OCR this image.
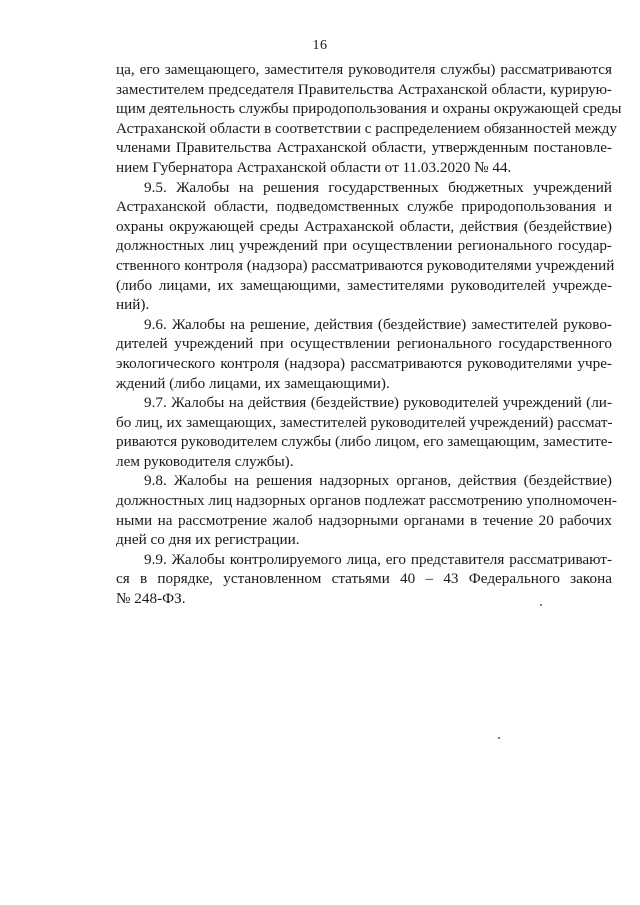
16
ца, его замещающего, заместителя руководителя службы) рассматриваются
заместителем председателя Правительства Астраханской области, курирую-
щим деятельность службы природопользования и охраны окружающей среды
Астраханской области в соответствии с распределением обязанностей между
членами Правительства Астраханской области, утвержденным постановле-
нием Губернатора Астраханской области от 11.03.2020 № 44.
9.5. Жалобы на решения государственных бюджетных учреждений
Астраханской области, подведомственных службе природопользования и
охраны окружающей среды Астраханской области, действия (бездействие)
должностных лиц учреждений при осуществлении регионального государ-
ственного контроля (надзора) рассматриваются руководителями учреждений
(либо лицами, их замещающими, заместителями руководителей учрежде-
ний).
9.6. Жалобы на решение, действия (бездействие) заместителей руково-
дителей учреждений при осуществлении регионального государственного
экологического контроля (надзора) рассматриваются руководителями учре-
ждений (либо лицами, их замещающими).
9.7. Жалобы на действия (бездействие) руководителей учреждений (ли-
бо лиц, их замещающих, заместителей руководителей учреждений) рассмат-
риваются руководителем службы (либо лицом, его замещающим, заместите-
лем руководителя службы).
9.8. Жалобы на решения надзорных органов, действия (бездействие)
должностных лиц надзорных органов подлежат рассмотрению уполномочен-
ными на рассмотрение жалоб надзорными органами в течение 20 рабочих
дней со дня их регистрации.
9.9. Жалобы контролируемого лица, его представителя рассматривают-
ся в порядке, установленном статьями 40 – 43 Федерального закона
№ 248-ФЗ.
